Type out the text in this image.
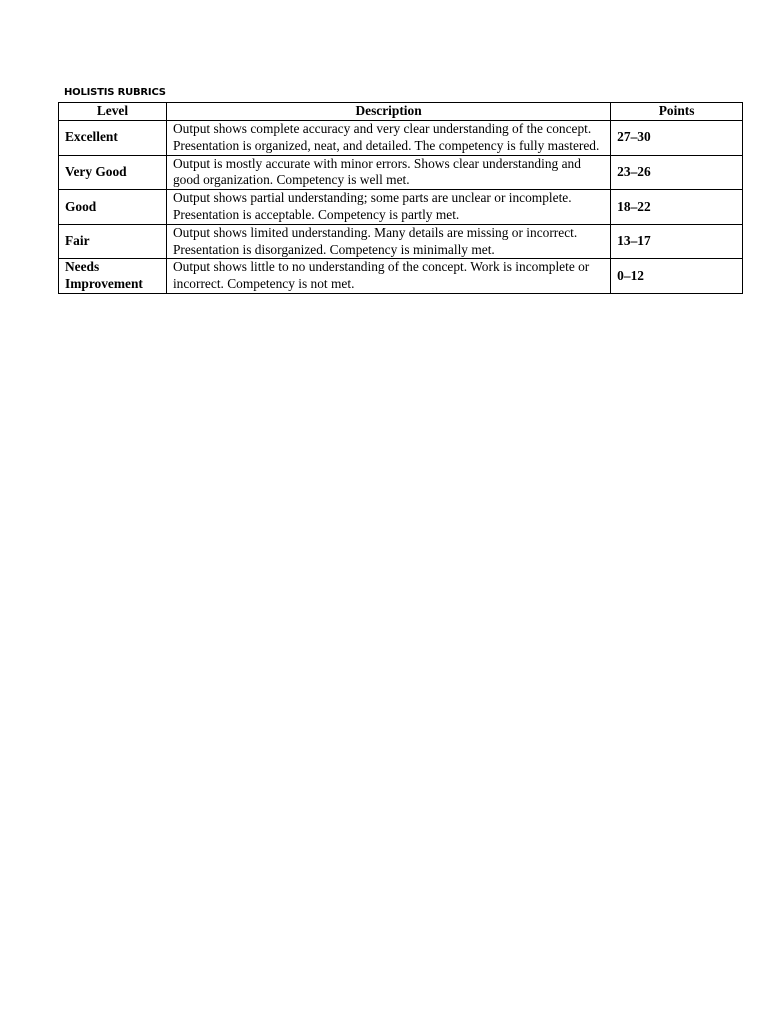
HOLISTIS RUBRICS
Level	Description	Points
Excellent	Output shows complete accuracy and very clear understanding of the concept. Presentation is organized, neat, and detailed. The competency is fully mastered.	27–30
Very Good	Output is mostly accurate with minor errors. Shows clear understanding and good organization. Competency is well met.	23–26
Good	Output shows partial understanding; some parts are unclear or incomplete. Presentation is acceptable. Competency is partly met.	18–22
Fair	Output shows limited understanding. Many details are missing or incorrect. Presentation is disorganized. Competency is minimally met.	13–17
Needs Improvement	Output shows little to no understanding of the concept. Work is incomplete or incorrect. Competency is not met.	0–12
